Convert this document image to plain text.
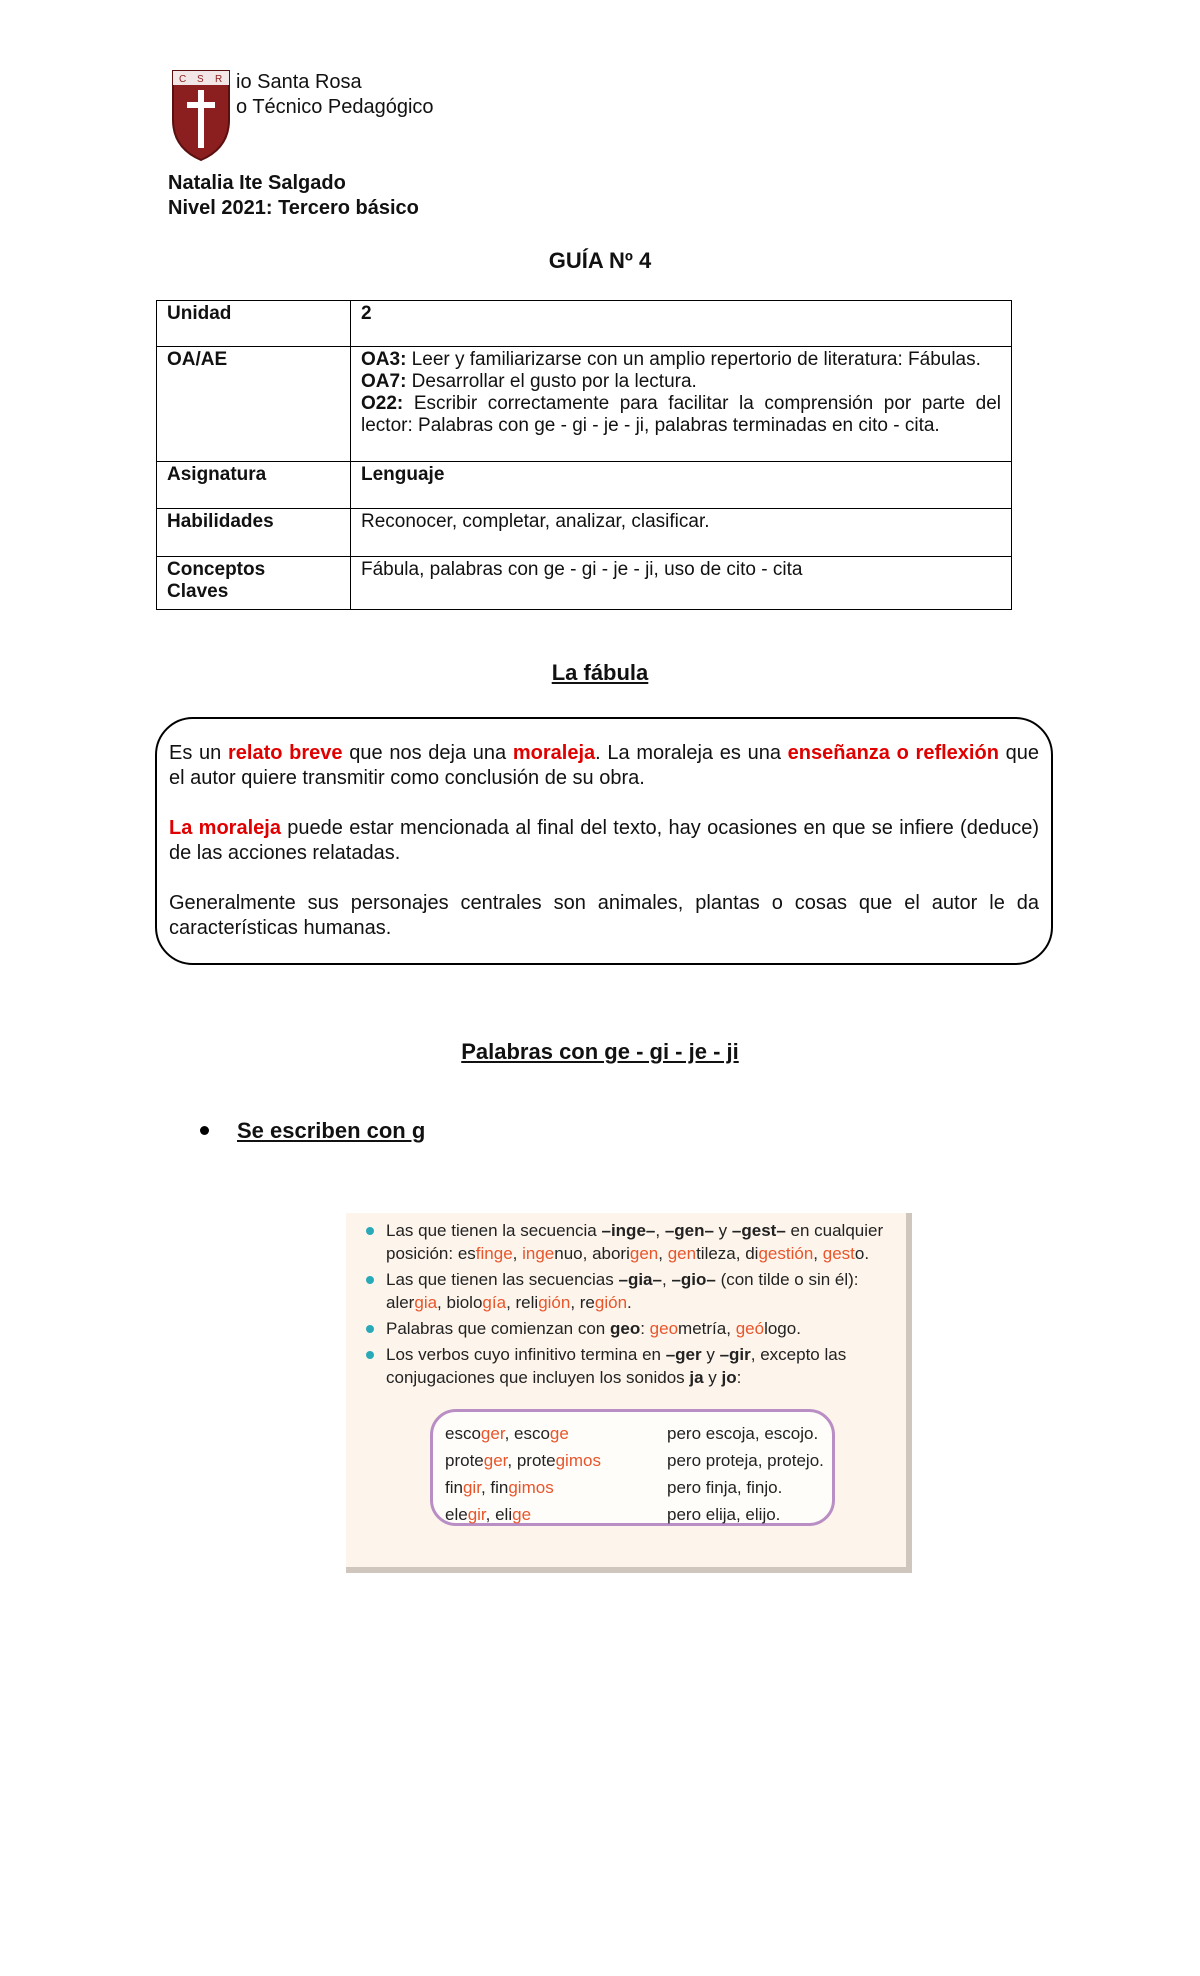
C S R io Santa Rosa
o Técnico Pedagógico
Natalia Ite Salgado
Nivel 2021: Tercero básico
GUÍA Nº 4
Unidad	2
OA/AE	OA3: Leer y familiarizarse con un amplio repertorio de literatura: Fábulas.
OA7: Desarrollar el gusto por la lectura.
O22: Escribir correctamente para facilitar la comprensión por parte del lector: Palabras con ge - gi - je - ji, palabras terminadas en cito - cita.
Asignatura	Lenguaje
Habilidades	Reconocer, completar, analizar, clasificar.
Conceptos
Claves	Fábula, palabras con ge - gi - je - ji, uso de cito - cita
La fábula

Es un relato breve que nos deja una moraleja. La moraleja es una enseñanza o reflexión que el autor quiere transmitir como conclusión de su obra.

La moraleja puede estar mencionada al final del texto, hay ocasiones en que se infiere (deduce) de las acciones relatadas.

Generalmente sus personajes centrales son animales, plantas o cosas que el autor le da características humanas.

Palabras con ge - gi - je - ji
Se escriben con g
Las que tienen la secuencia –inge–, –gen– y –gest– en cualquier posición: esfinge, ingenuo, aborigen, gentileza, digestión, gesto.
Las que tienen las secuencias –gia–, –gio– (con tilde o sin él): alergia, biología, religión, región.
Palabras que comienzan con geo: geometría, geólogo.
Los verbos cuyo infinitivo termina en –ger y –gir, excepto las conjugaciones que incluyen los sonidos ja y jo:
escoger, escoge	pero escoja, escojo.
proteger, protegimos	pero proteja, protejo.
fingir, fingimos	pero finja, finjo.
elegir, elige	pero elija, elijo.
